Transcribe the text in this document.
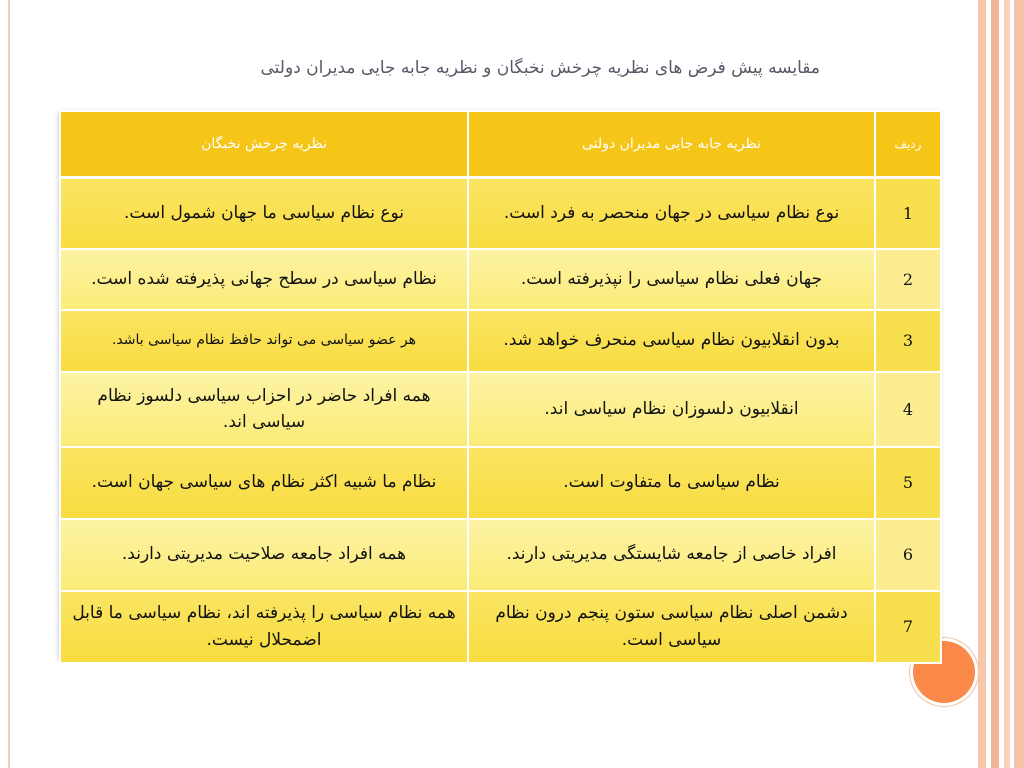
مقایسه پیش فرض های نظریه چرخش نخبگان و نظریه جابه جایی مدیران دولتی
ردیف	نظریه جابه جایی مدیران دولتی	نظریه چرخش نخبگان
1	نوع نظام سیاسی در جهان منحصر به فرد است.	نوع نظام سیاسی ما جهان شمول است.
2	جهان فعلی نظام سیاسی را نپذیرفته است.	نظام سیاسی در سطح جهانی پذیرفته شده است.
3	بدون انقلابیون نظام سیاسی منحرف خواهد شد.	هر عضو سیاسی می تواند حافظ نظام سیاسی باشد.
4	انقلابیون دلسوزان نظام سیاسی اند.	همه افراد حاضر در احزاب سیاسی دلسوز نظام سیاسی اند.
5	نظام سیاسی ما متفاوت است.	نظام ما شبیه اکثر نظام های سیاسی جهان است.
6	افراد خاصی از جامعه شایستگی مدیریتی دارند.	همه افراد جامعه صلاحیت مدیریتی دارند.
7	دشمن اصلی نظام سیاسی ستون پنجم درون نظام سیاسی است.	همه نظام سیاسی را پذیرفته اند، نظام سیاسی ما قابل اضمحلال نیست.
